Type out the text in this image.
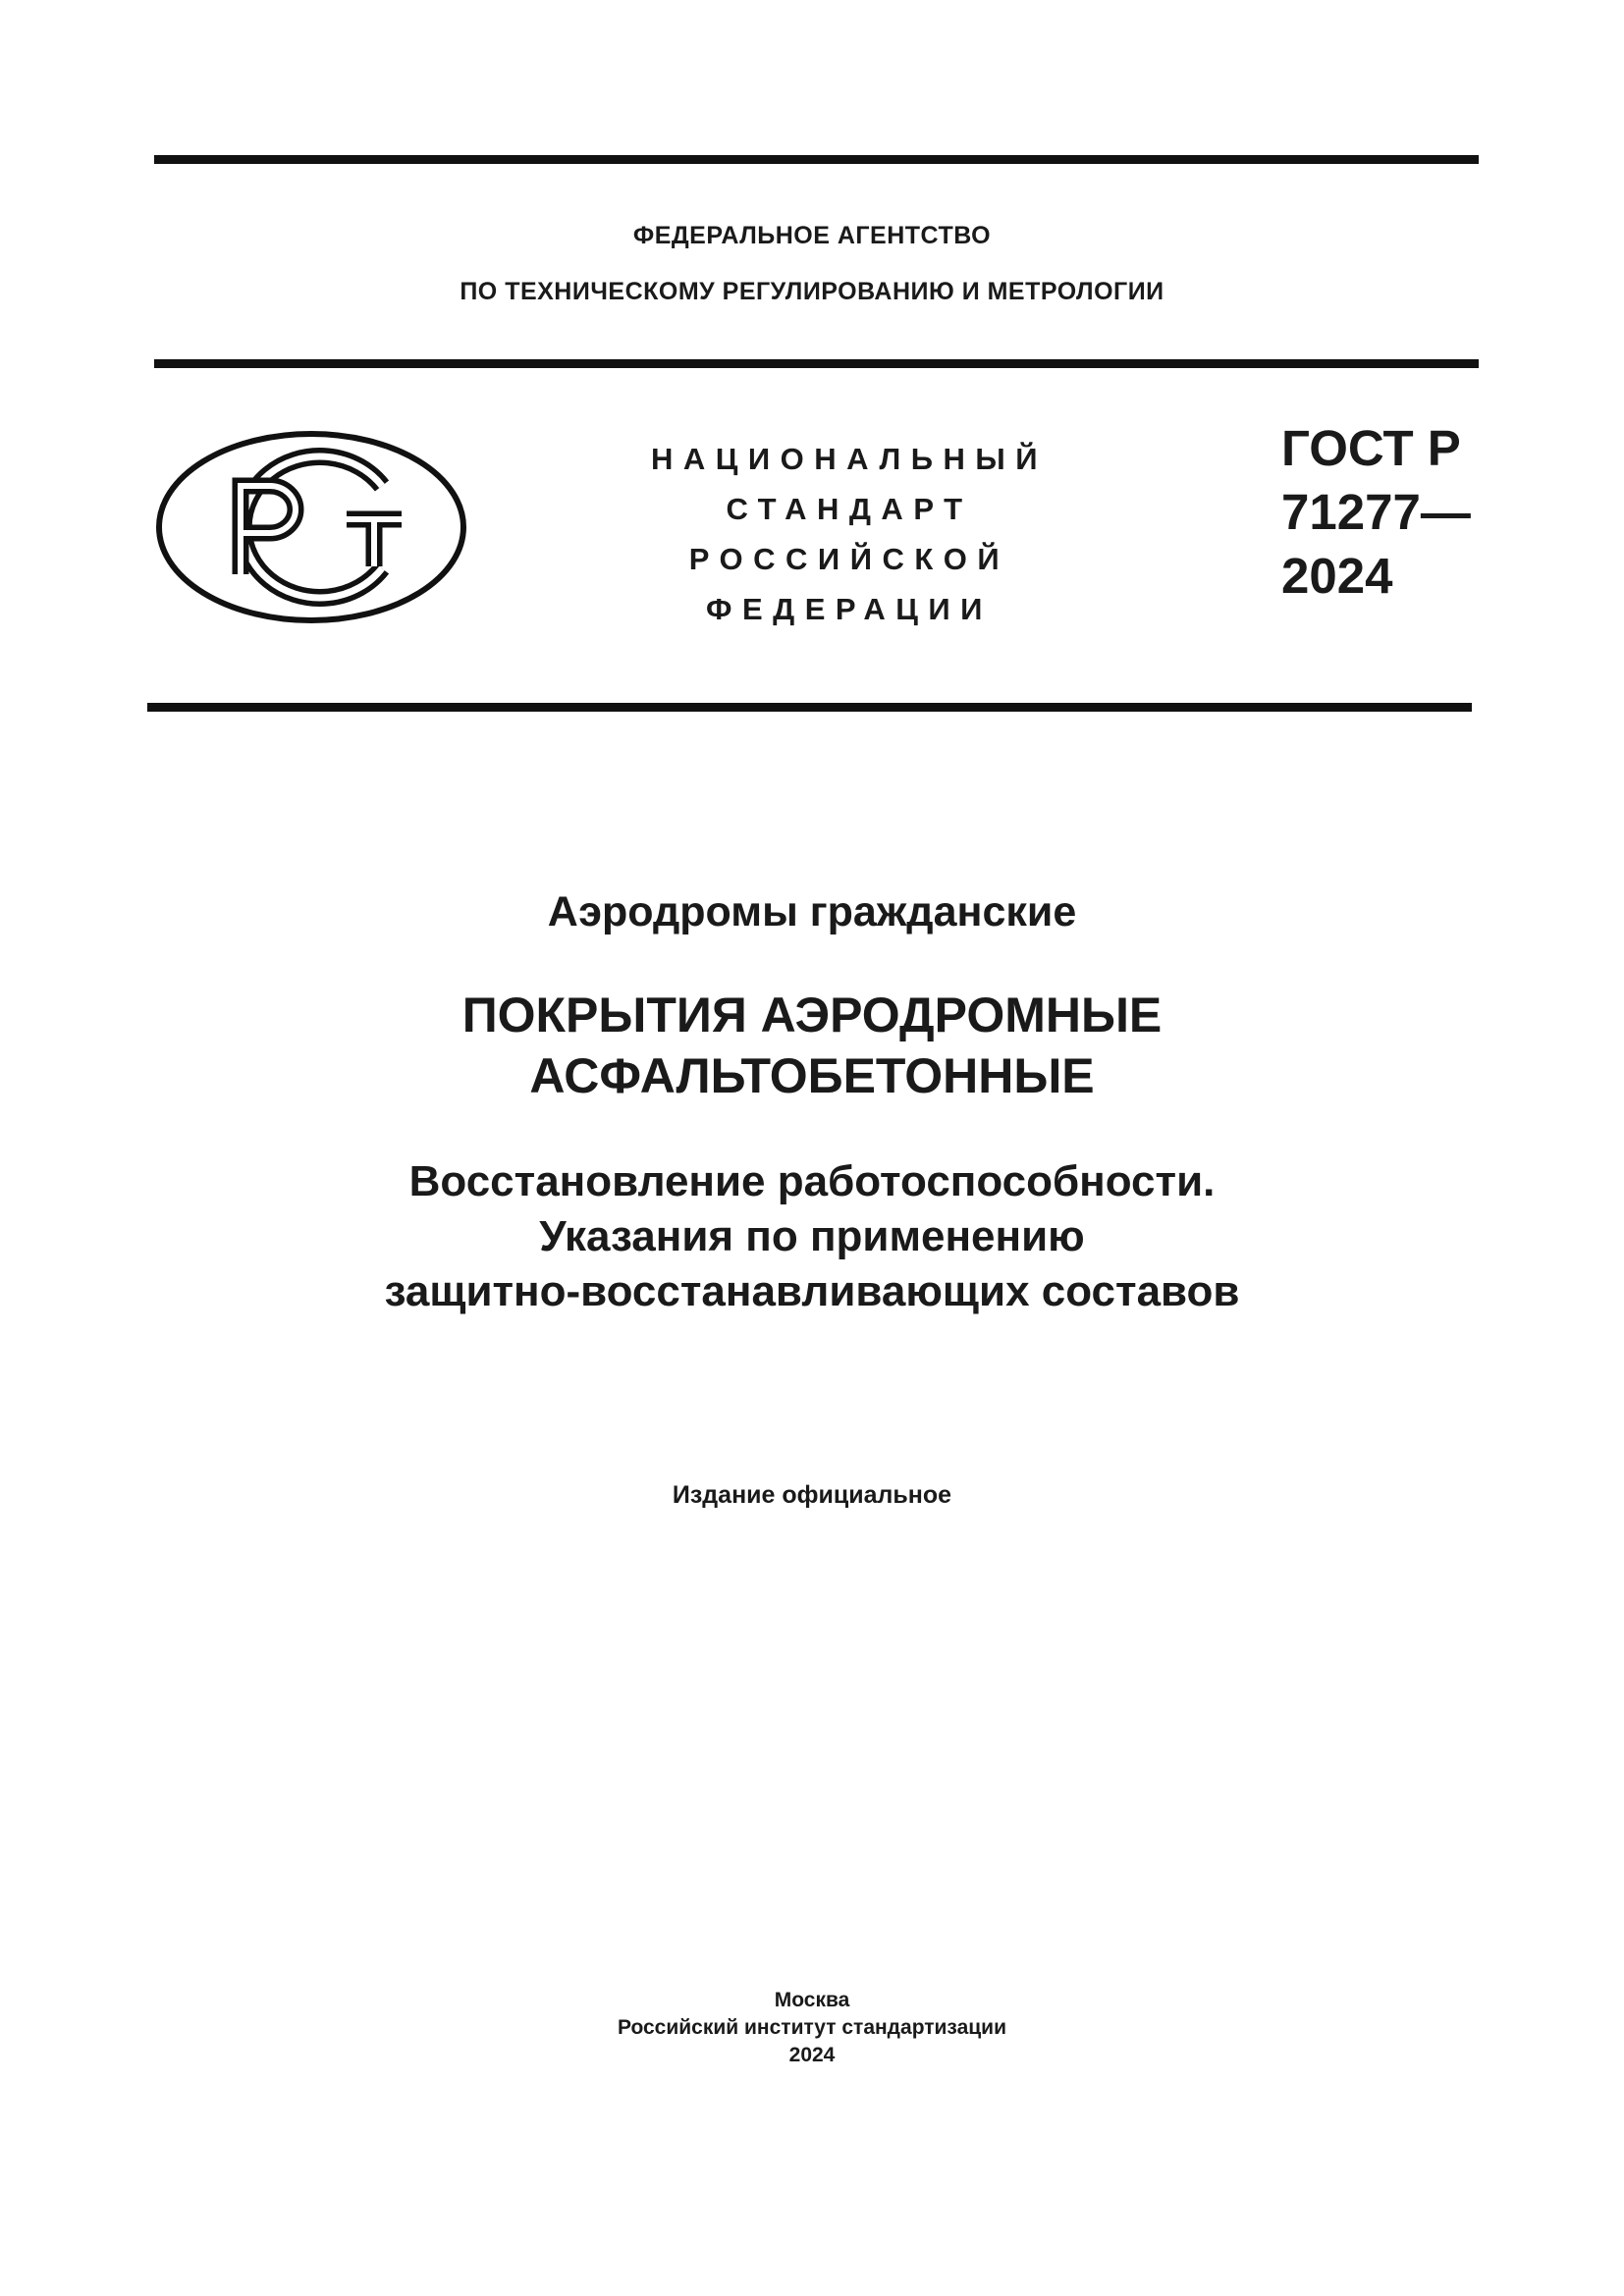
ФЕДЕРАЛЬНОЕ АГЕНТСТВО
ПО ТЕХНИЧЕСКОМУ РЕГУЛИРОВАНИЮ И МЕТРОЛОГИИ
НАЦИОНАЛЬНЫЙ
СТАНДАРТ
РОССИЙСКОЙ
ФЕДЕРАЦИИ
ГОСТ Р
71277—
2024
Аэродромы гражданские
ПОКРЫТИЯ АЭРОДРОМНЫЕ
АСФАЛЬТОБЕТОННЫЕ
Восстановление работоспособности.
Указания по применению
защитно-восстанавливающих составов
Издание официальное
Москва
Российский институт стандартизации
2024
